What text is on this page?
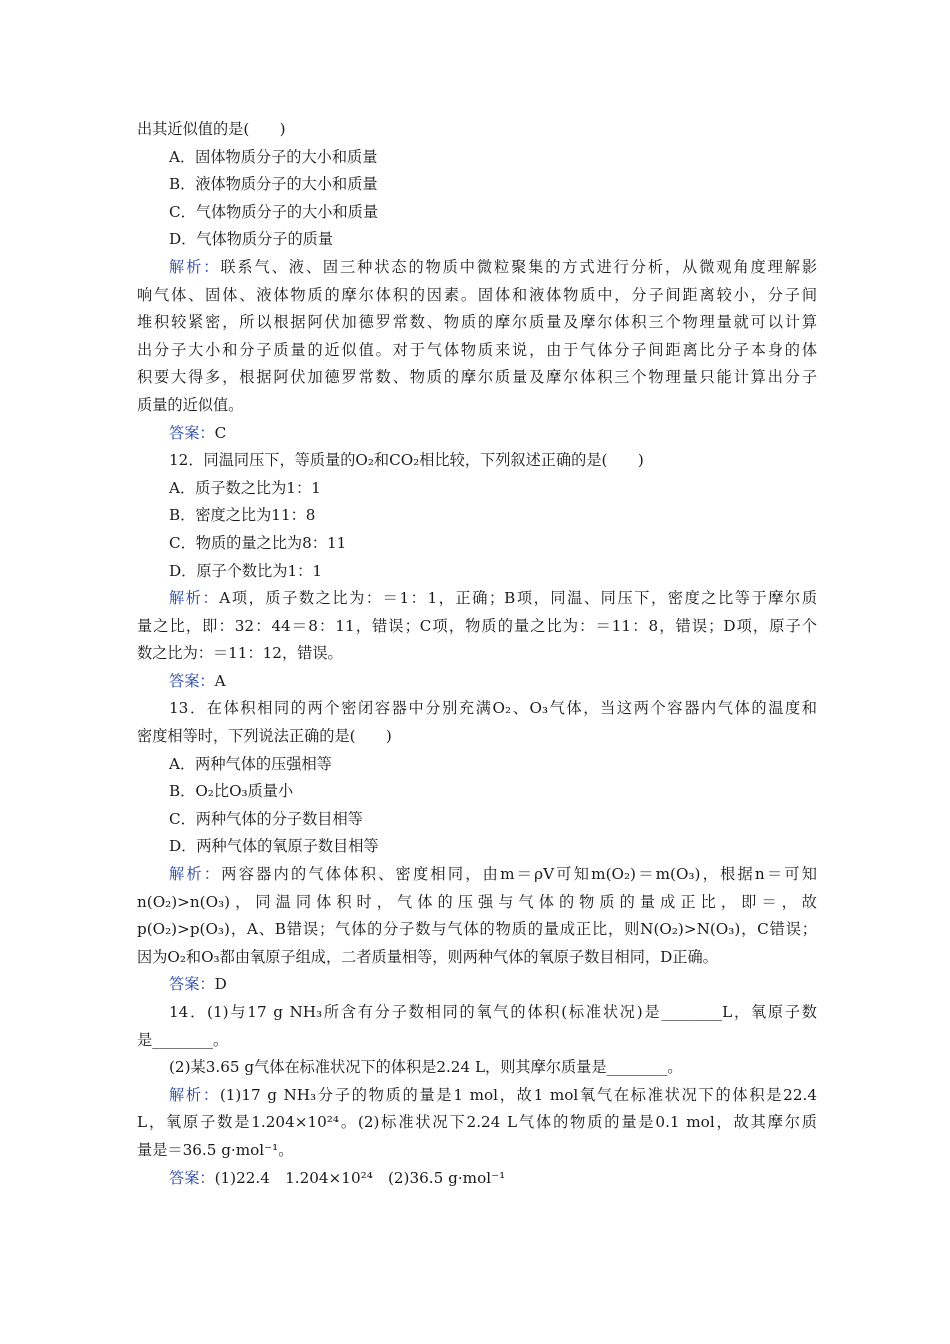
出其近似值的是(　　)
A．固体物质分子的大小和质量
B．液体物质分子的大小和质量
C．气体物质分子的大小和质量
D．气体物质分子的质量
解析：联系气、液、固三种状态的物质中微粒聚集的方式进行分析，从微观角度理解影
响气体、固体、液体物质的摩尔体积的因素。固体和液体物质中，分子间距离较小，分子间
堆积较紧密，所以根据阿伏加德罗常数、物质的摩尔质量及摩尔体积三个物理量就可以计算
出分子大小和分子质量的近似值。对于气体物质来说，由于气体分子间距离比分子本身的体
积要大得多，根据阿伏加德罗常数、物质的摩尔质量及摩尔体积三个物理量只能计算出分子
质量的近似值。
答案：C
12．同温同压下，等质量的O₂和CO₂相比较，下列叙述正确的是(　　)
A．质子数之比为1：1
B．密度之比为11：8
C．物质的量之比为8：11
D．原子个数比为1：1
解析：A项，质子数之比为：＝1：1，正确；B项，同温、同压下，密度之比等于摩尔质
量之比，即：32：44＝8：11，错误；C项，物质的量之比为：＝11：8，错误；D项，原子个
数之比为：＝11：12，错误。
答案：A
13．在体积相同的两个密闭容器中分别充满O₂、O₃气体，当这两个容器内气体的温度和
密度相等时，下列说法正确的是(　　)
A．两种气体的压强相等
B．O₂比O₃质量小
C．两种气体的分子数目相等
D．两种气体的氧原子数目相等
解析：两容器内的气体体积、密度相同，由m＝ρV可知m(O₂)＝m(O₃)，根据n＝可知
n(O₂)>n(O₃)，同温同体积时，气体的压强与气体的物质的量成正比，即＝，故
p(O₂)>p(O₃)，A、B错误；气体的分子数与气体的物质的量成正比，则N(O₂)>N(O₃)，C错误；
因为O₂和O₃都由氧原子组成，二者质量相等，则两种气体的氧原子数目相同，D正确。
答案：D
14．(1)与17 g NH₃所含有分子数相同的氧气的体积(标准状况)是________L，氧原子数
是________。
(2)某3.65 g气体在标准状况下的体积是2.24 L，则其摩尔质量是________。
解析：(1)17 g NH₃分子的物质的量是1 mol，故1 mol氧气在标准状况下的体积是22.4
L，氧原子数是1.204×10²⁴。(2)标准状况下2.24 L气体的物质的量是0.1 mol，故其摩尔质
量是＝36.5 g·mol⁻¹。
答案：(1)22.4　1.204×10²⁴　(2)36.5 g·mol⁻¹
